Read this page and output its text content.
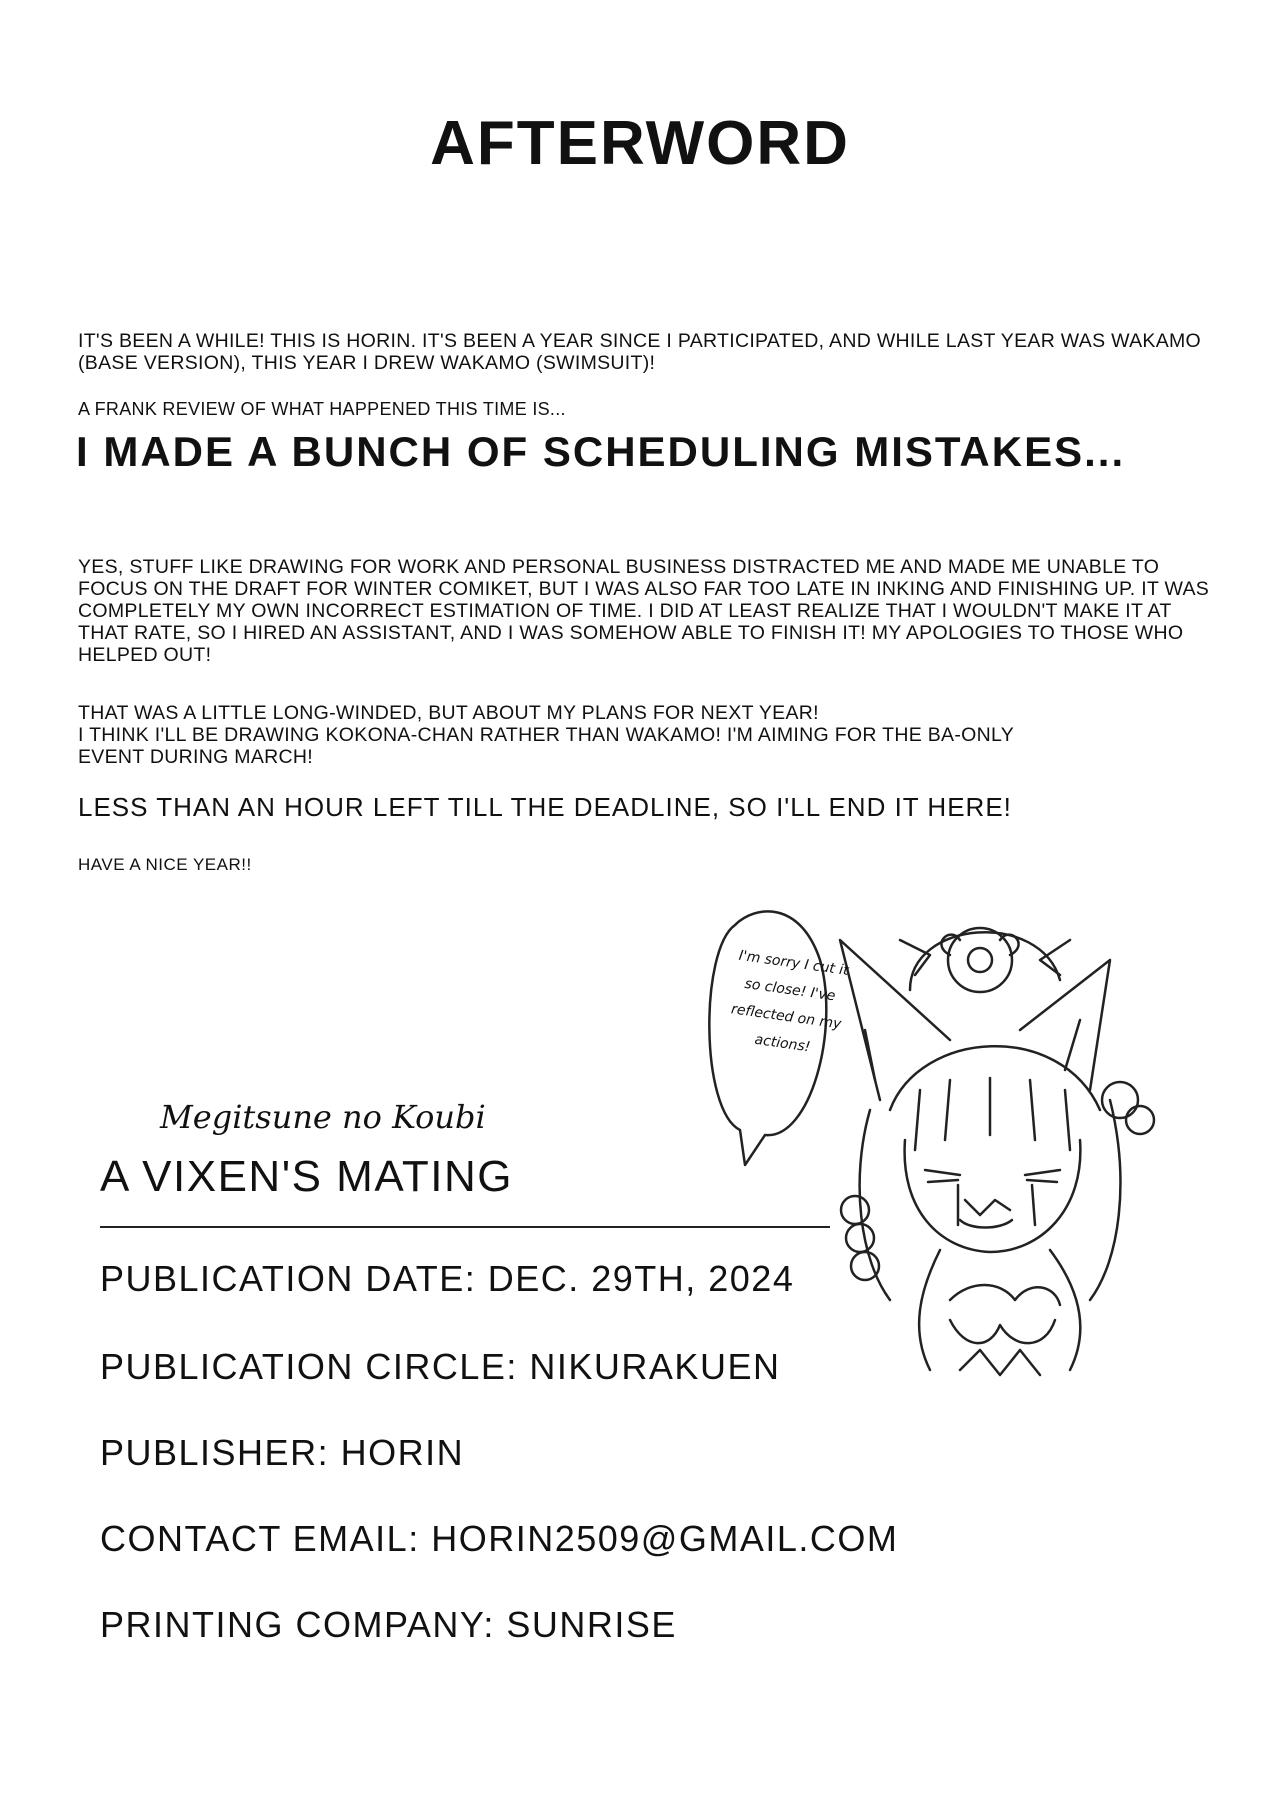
AFTERWORD
IT'S BEEN A WHILE! THIS IS HORIN. IT'S BEEN A YEAR SINCE I PARTICIPATED, AND WHILE LAST YEAR WAS WAKAMO (BASE VERSION), THIS YEAR I DREW WAKAMO (SWIMSUIT)!
A FRANK REVIEW OF WHAT HAPPENED THIS TIME IS...
I MADE A BUNCH OF SCHEDULING MISTAKES...
YES, STUFF LIKE DRAWING FOR WORK AND PERSONAL BUSINESS DISTRACTED ME AND MADE ME UNABLE TO FOCUS ON THE DRAFT FOR WINTER COMIKET, BUT I WAS ALSO FAR TOO LATE IN INKING AND FINISHING UP. IT WAS COMPLETELY MY OWN INCORRECT ESTIMATION OF TIME. I DID AT LEAST REALIZE THAT I WOULDN'T MAKE IT AT THAT RATE, SO I HIRED AN ASSISTANT, AND I WAS SOMEHOW ABLE TO FINISH IT! MY APOLOGIES TO THOSE WHO HELPED OUT!
THAT WAS A LITTLE LONG-WINDED, BUT ABOUT MY PLANS FOR NEXT YEAR!
I THINK I'LL BE DRAWING KOKONA-CHAN RATHER THAN WAKAMO! I'M AIMING FOR THE BA-ONLY EVENT DURING MARCH!
LESS THAN AN HOUR LEFT TILL THE DEADLINE, SO I'LL END IT HERE!
HAVE A NICE YEAR!!
I'm sorry I cut it so close! I've reflected on my actions!
Megitsune no Koubi
A VIXEN'S MATING
PUBLICATION DATE: DEC. 29TH, 2024
PUBLICATION CIRCLE: NIKURAKUEN
PUBLISHER: HORIN
CONTACT EMAIL: HORIN2509@GMAIL.COM
PRINTING COMPANY: SUNRISE
